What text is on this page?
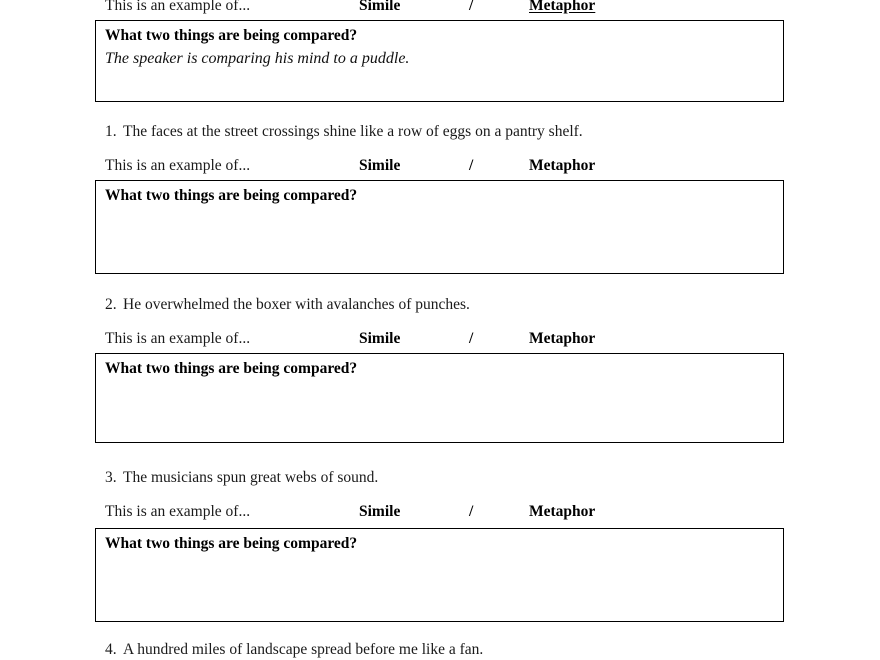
This is an example of...	Simile	/	Metaphor
What two things are being compared?
The speaker is comparing his mind to a puddle.
1. The faces at the street crossings shine like a row of eggs on a pantry shelf.
This is an example of...	Simile	/	Metaphor
What two things are being compared?
2. He overwhelmed the boxer with avalanches of punches.
This is an example of...	Simile	/	Metaphor
What two things are being compared?
3. The musicians spun great webs of sound.
This is an example of...	Simile	/	Metaphor
What two things are being compared?
4. A hundred miles of landscape spread before me like a fan.
